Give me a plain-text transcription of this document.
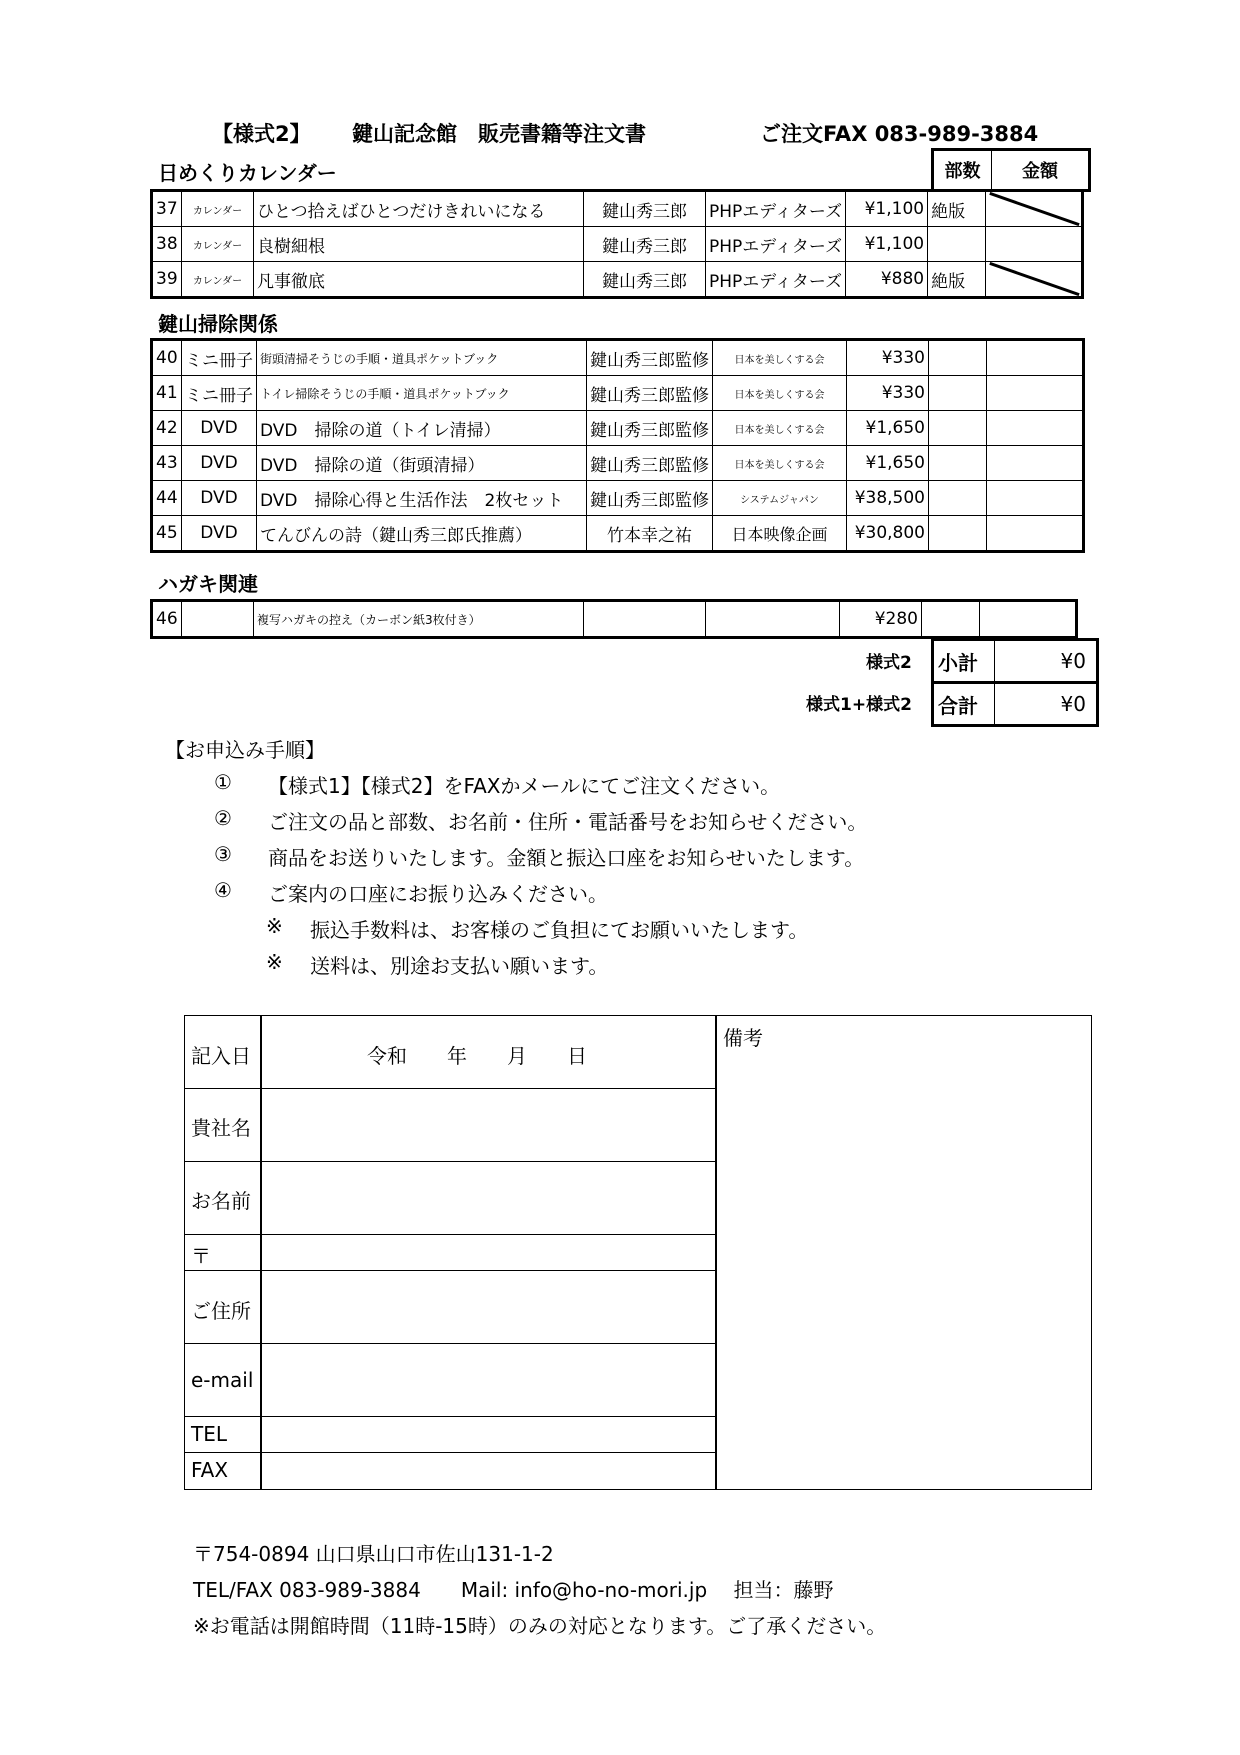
【様式2】 鍵山記念館　販売書籍等注文書	ご注文FAX 083-989-3884
部数	金額
日めくりカレンダー
鍵山掃除関係
ハガキ関連
37	カレンダー	ひとつ拾えばひとつだけきれいになる	鍵山秀三郎	PHPエディターズ	¥1,100	絶版	

38	カレンダー	良樹細根	鍵山秀三郎	PHPエディターズ	¥1,100		
39	カレンダー	凡事徹底	鍵山秀三郎	PHPエディターズ	¥880	絶版	
40	ミニ冊子	街頭清掃そうじの手順・道具ポケットブック	鍵山秀三郎監修	日本を美しくする会	¥330		
41	ミニ冊子	トイレ掃除そうじの手順・道具ポケットブック	鍵山秀三郎監修	日本を美しくする会	¥330		
42	DVD	DVD　掃除の道（トイレ清掃）	鍵山秀三郎監修	日本を美しくする会	¥1,650		
43	DVD	DVD　掃除の道（街頭清掃）	鍵山秀三郎監修	日本を美しくする会	¥1,650		
44	DVD	DVD　掃除心得と生活作法　2枚セット	鍵山秀三郎監修	システムジャパン	¥38,500		
45	DVD	てんびんの詩（鍵山秀三郎氏推薦）	竹本幸之祐	日本映像企画	¥30,800		
46		複写ハガキの控え（カーボン紙3枚付き）			¥280		
様式2 小計	¥0
様式1+様式2 合計	¥0
【お申込み手順】
① 【様式1】【様式2】をFAXかメールにてご注文ください。
② ご注文の品と部数、お名前・住所・電話番号をお知らせください。
③ 商品をお送りいたします。金額と振込口座をお知らせいたします。
④ ご案内の口座にお振り込みください。
※ 振込手数料は、お客様のご負担にてお願いいたします。
※ 送料は、別途お支払い願います。
記入日	令和　　年　　月　　日
貴社名
お名前
〒
ご住所
e-mail
TEL
FAX
備考
〒754-0894 山口県山口市佐山131-1-2
TEL/FAX 083-989-3884　　Mail: info@ho-no-mori.jp　 担当：藤野
※お電話は開館時間（11時-15時）のみの対応となります。ご了承ください。
